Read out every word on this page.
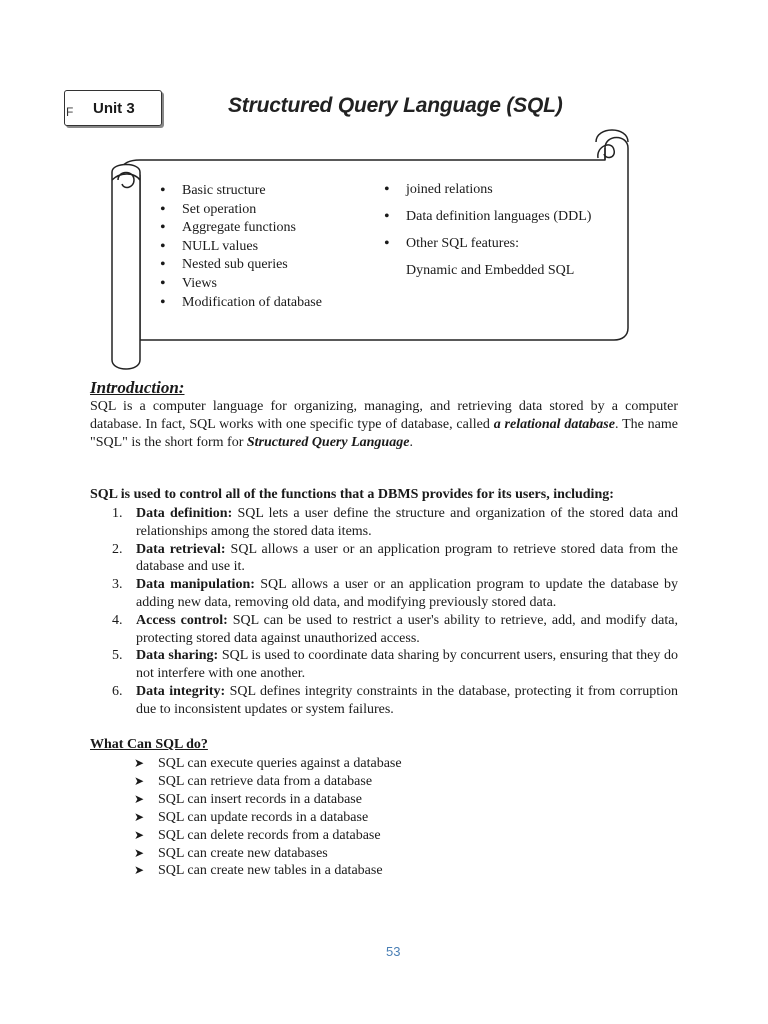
F Unit 3	Structured Query Language (SQL)
• Basic structure
• Set operation
• Aggregate functions
• NULL values
• Nested sub queries
• Views
• Modification of database
• joined relations
• Data definition languages (DDL)
• Other SQL features:
Dynamic and Embedded SQL
Introduction:

SQL is a computer language for organizing, managing, and retrieving data stored by a computer database. In fact, SQL works with one specific type of database, called a relational database. The name "SQL" is the short form for Structured Query Language.

SQL is used to control all of the functions that a DBMS provides for its users, including:
1. Data definition: SQL lets a user define the structure and organization of the stored data and relationships among the stored data items.
2. Data retrieval: SQL allows a user or an application program to retrieve stored data from the database and use it.
3. Data manipulation: SQL allows a user or an application program to update the database by adding new data, removing old data, and modifying previously stored data.
4. Access control: SQL can be used to restrict a user's ability to retrieve, add, and modify data, protecting stored data against unauthorized access.
5. Data sharing: SQL is used to coordinate data sharing by concurrent users, ensuring that they do not interfere with one another.
6. Data integrity: SQL defines integrity constraints in the database, protecting it from corruption due to inconsistent updates or system failures.
What Can SQL do?
➤ SQL can execute queries against a database
➤ SQL can retrieve data from a database
➤ SQL can insert records in a database
➤ SQL can update records in a database
➤ SQL can delete records from a database
➤ SQL can create new databases
➤ SQL can create new tables in a database
53
